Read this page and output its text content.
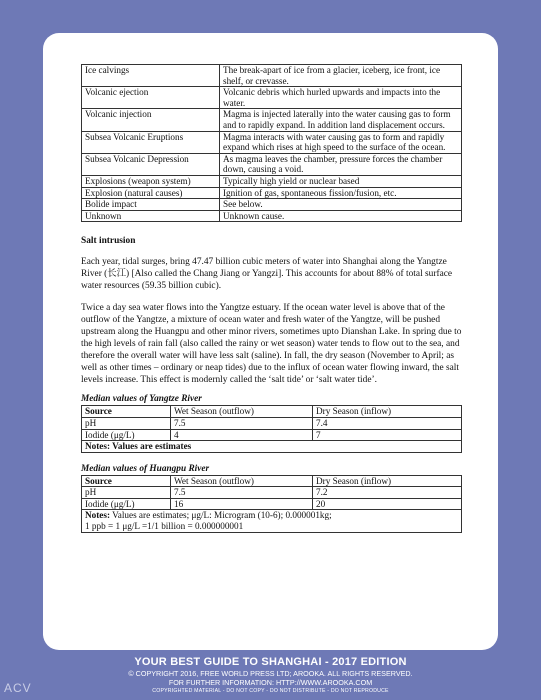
Ice calvings	The break-apart of ice from a glacier, iceberg, ice front, ice shelf, or crevasse.
Volcanic ejection	Volcanic debris which hurled upwards and impacts into the water.
Volcanic injection	Magma is injected laterally into the water causing gas to form and to rapidly expand. In addition land displacement occurs.
Subsea Volcanic Eruptions	Magma interacts with water causing gas to form and rapidly expand which rises at high speed to the surface of the ocean.
Subsea Volcanic Depression	As magma leaves the chamber, pressure forces the chamber down, causing a void.
Explosions (weapon system)	Typically high yield or nuclear based
Explosion (natural causes)	Ignition of gas, spontaneous fission/fusion, etc.
Bolide impact	See below.
Unknown	Unknown cause.
Salt intrusion

Each year, tidal surges, bring 47.47 billion cubic meters of water into Shanghai along the Yangtze River (长江) [Also called the Chang Jiang or Yangzi]. This accounts for about 88% of total surface water resources (59.35 billion cubic).

Twice a day sea water flows into the Yangtze estuary. If the ocean water level is above that of the outflow of the Yangtze, a mixture of ocean water and fresh water of the Yangtze, will be pushed upstream along the Huangpu and other minor rivers, sometimes upto Dianshan Lake. In spring due to the high levels of rain fall (also called the rainy or wet season) water tends to flow out to the sea, and therefore the overall water will have less salt (saline). In fall, the dry season (November to April; as well as other times – ordinary or neap tides) due to the influx of ocean water flowing inward, the salt levels increase. This effect is modernly called the ‘salt tide’ or ‘salt water tide’.

Median values of Yangtze River
Source	Wet Season (outflow)	Dry Season (inflow)
pH	7.5	7.4
Iodide (μg/L)	4	7
Notes: Values are estimates		
Median values of Huangpu River
Source	Wet Season (outflow)	Dry Season (inflow)
pH	7.5	7.2
Iodide (μg/L)	16	20
Notes: Values are estimates; μg/L: Microgram (10-6); 0.000001kg;
1 ppb = 1 μg/L =1/1 billion = 0.000000001		
YOUR BEST GUIDE TO SHANGHAI - 2017 EDITION
© COPYRIGHT 2016, FREE WORLD PRESS LTD; AROOKA. ALL RIGHTS RESERVED.
FOR FURTHER INFORMATION: HTTP://WWW.AROOKA.COM
COPYRIGHTED MATERIAL - DO NOT COPY - DO NOT DISTRIBUTE - DO NOT REPRODUCE
ACV
